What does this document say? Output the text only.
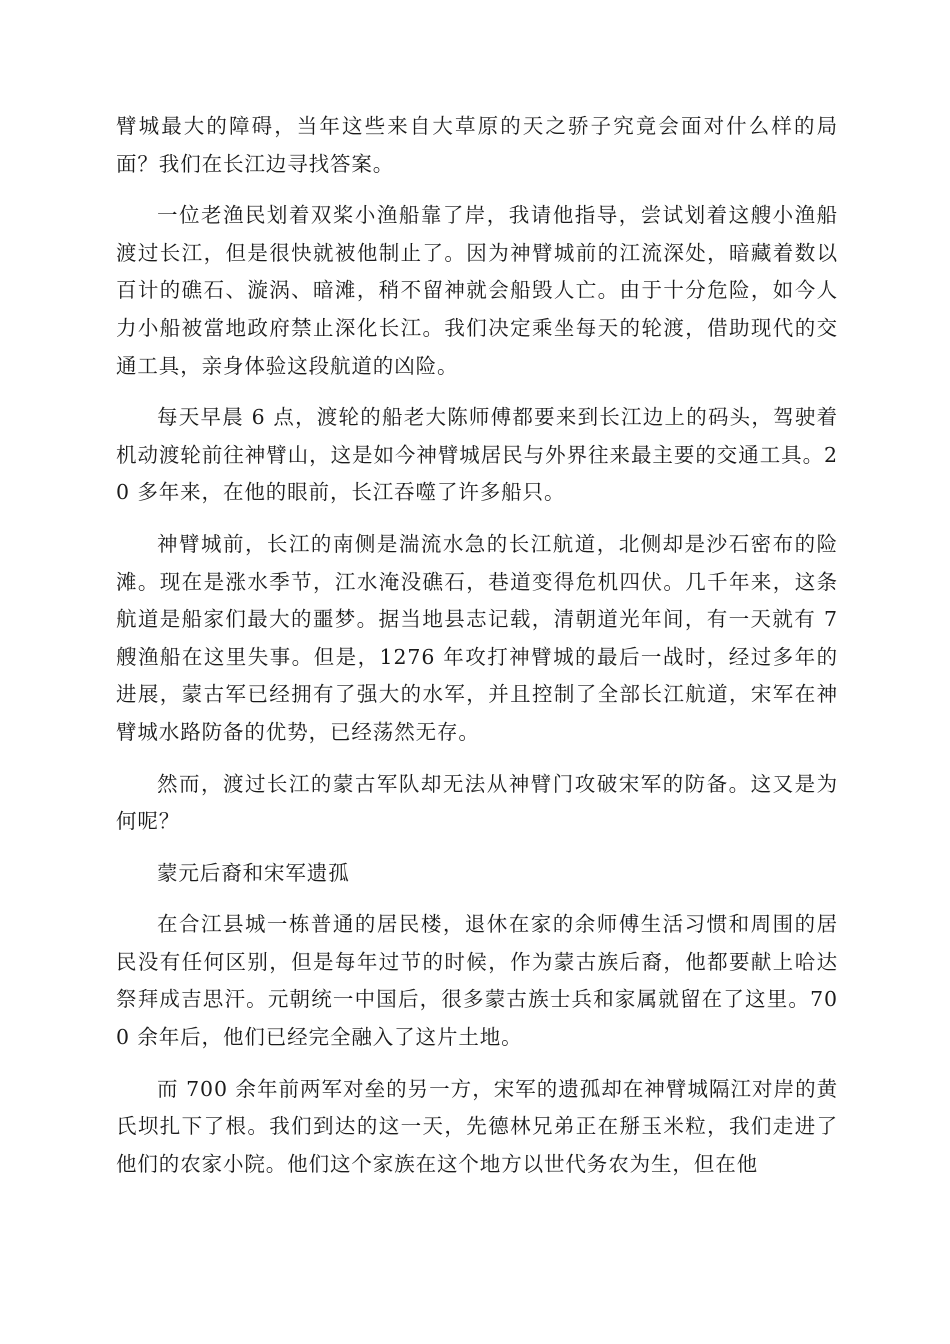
臂城最大的障碍，当年这些来自大草原的天之骄子究竟会面对什么样的局面？我们在长江边寻找答案。

一位老渔民划着双桨小渔船靠了岸，我请他指导，尝试划着这艘小渔船渡过长江，但是很快就被他制止了。因为神臂城前的江流深处，暗藏着数以百计的礁石、漩涡、暗滩，稍不留神就会船毁人亡。由于十分危险，如今人力小船被當地政府禁止深化长江。我们决定乘坐每天的轮渡，借助现代的交通工具，亲身体验这段航道的凶险。

每天早晨 6 点，渡轮的船老大陈师傅都要来到长江边上的码头，驾驶着机动渡轮前往神臂山，这是如今神臂城居民与外界往来最主要的交通工具。20 多年来，在他的眼前，长江吞噬了许多船只。

神臂城前，长江的南侧是湍流水急的长江航道，北侧却是沙石密布的险滩。现在是涨水季节，江水淹没礁石，巷道变得危机四伏。几千年来，这条航道是船家们最大的噩梦。据当地县志记载，清朝道光年间，有一天就有 7 艘渔船在这里失事。但是，1276 年攻打神臂城的最后一战时，经过多年的进展，蒙古军已经拥有了强大的水军，并且控制了全部长江航道，宋军在神臂城水路防备的优势，已经荡然无存。

然而，渡过长江的蒙古军队却无法从神臂门攻破宋军的防备。这又是为何呢？

蒙元后裔和宋军遗孤

在合江县城一栋普通的居民楼，退休在家的余师傅生活习惯和周围的居民没有任何区别，但是每年过节的时候，作为蒙古族后裔，他都要献上哈达祭拜成吉思汗。元朝统一中国后，很多蒙古族士兵和家属就留在了这里。700 余年后，他们已经完全融入了这片土地。

而 700 余年前两军对垒的另一方，宋军的遗孤却在神臂城隔江对岸的黄氏坝扎下了根。我们到达的这一天，先德林兄弟正在掰玉米粒，我们走进了他们的农家小院。他们这个家族在这个地方以世代务农为生，但在他
